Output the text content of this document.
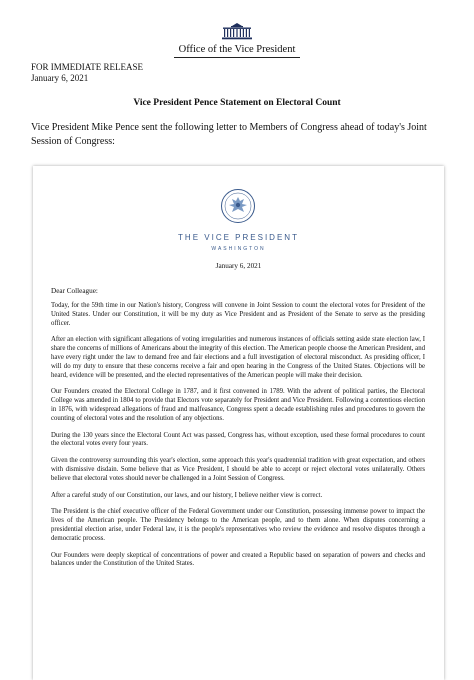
Office of the Vice President
FOR IMMEDIATE RELEASE
January 6, 2021
Vice President Pence Statement on Electoral Count
Vice President Mike Pence sent the following letter to Members of Congress ahead of today's Joint Session of Congress:
THE VICE PRESIDENT
WASHINGTON
January 6, 2021
Dear Colleague:

Today, for the 59th time in our Nation's history, Congress will convene in Joint Session to count the electoral votes for President of the United States. Under our Constitution, it will be my duty as Vice President and as President of the Senate to serve as the presiding officer.

After an election with significant allegations of voting irregularities and numerous instances of officials setting aside state election law, I share the concerns of millions of Americans about the integrity of this election. The American people choose the American President, and have every right under the law to demand free and fair elections and a full investigation of electoral misconduct. As presiding officer, I will do my duty to ensure that these concerns receive a fair and open hearing in the Congress of the United States. Objections will be heard, evidence will be presented, and the elected representatives of the American people will make their decision.

Our Founders created the Electoral College in 1787, and it first convened in 1789. With the advent of political parties, the Electoral College was amended in 1804 to provide that Electors vote separately for President and Vice President. Following a contentious election in 1876, with widespread allegations of fraud and malfeasance, Congress spent a decade establishing rules and procedures to govern the counting of electoral votes and the resolution of any objections.

During the 130 years since the Electoral Count Act was passed, Congress has, without exception, used these formal procedures to count the electoral votes every four years.

Given the controversy surrounding this year's election, some approach this year's quadrennial tradition with great expectation, and others with dismissive disdain. Some believe that as Vice President, I should be able to accept or reject electoral votes unilaterally. Others believe that electoral votes should never be challenged in a Joint Session of Congress.

After a careful study of our Constitution, our laws, and our history, I believe neither view is correct.

The President is the chief executive officer of the Federal Government under our Constitution, possessing immense power to impact the lives of the American people. The Presidency belongs to the American people, and to them alone. When disputes concerning a presidential election arise, under Federal law, it is the people's representatives who review the evidence and resolve disputes through a democratic process.

Our Founders were deeply skeptical of concentrations of power and created a Republic based on separation of powers and checks and balances under the Constitution of the United States.
